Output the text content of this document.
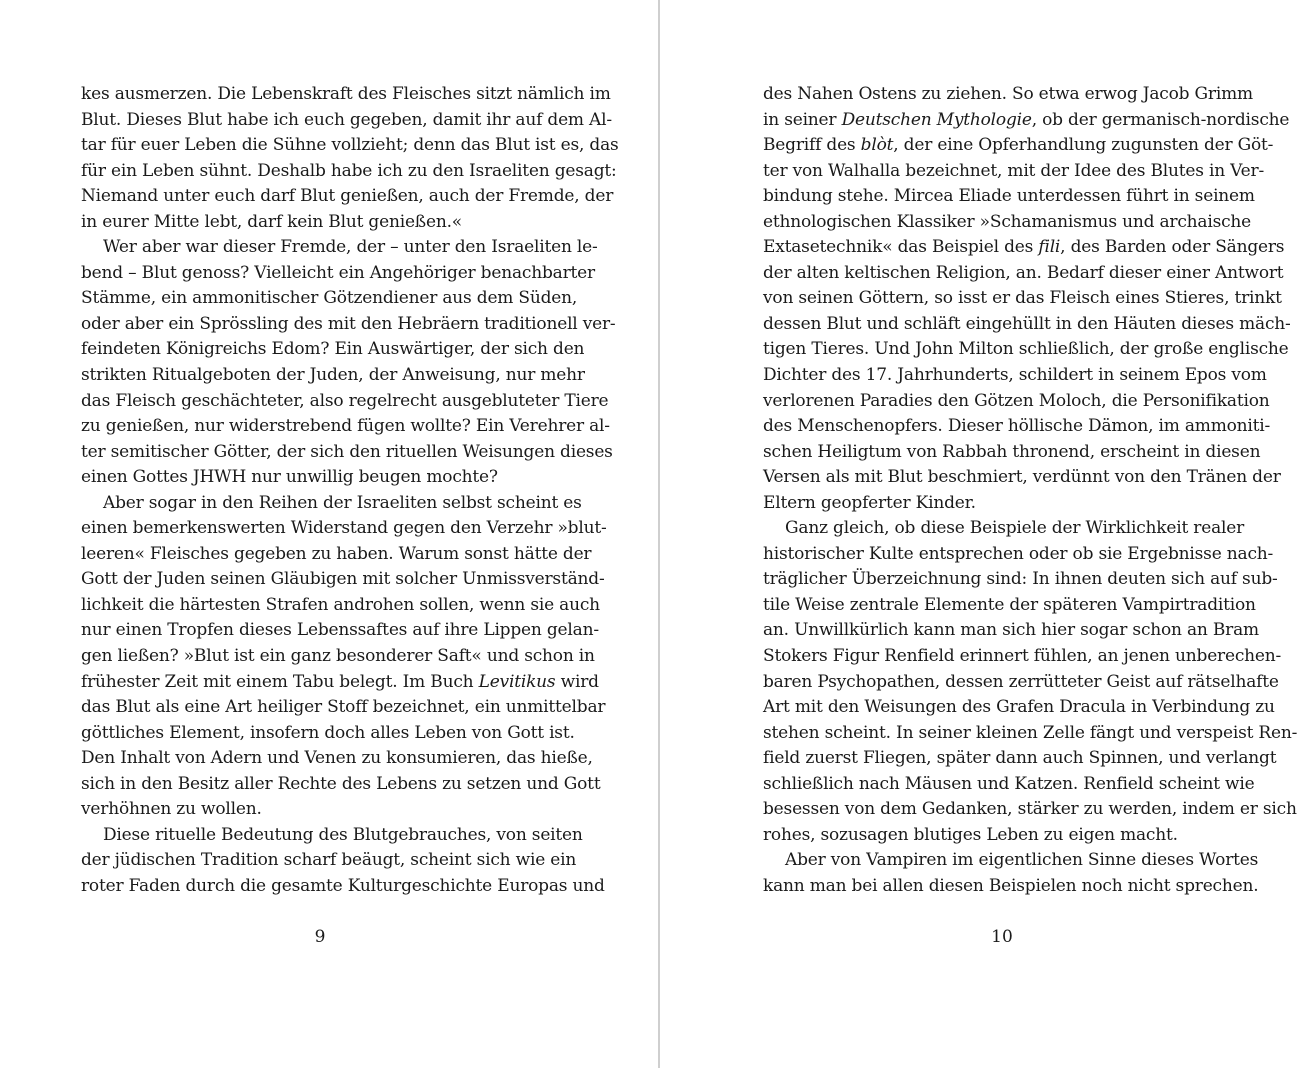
kes ausmerzen. Die Lebenskraft des Fleisches sitzt nämlich im
Blut. Dieses Blut habe ich euch gegeben, damit ihr auf dem Al-
tar für euer Leben die Sühne vollzieht; denn das Blut ist es, das
für ein Leben sühnt. Deshalb habe ich zu den Israeliten gesagt:
Niemand unter euch darf Blut genießen, auch der Fremde, der
in eurer Mitte lebt, darf kein Blut genießen.«
Wer aber war dieser Fremde, der – unter den Israeliten le-
bend – Blut genoss? Vielleicht ein Angehöriger benachbarter
Stämme, ein ammonitischer Götzendiener aus dem Süden,
oder aber ein Sprössling des mit den Hebräern traditionell ver-
feindeten Königreichs Edom? Ein Auswärtiger, der sich den
strikten Ritualgeboten der Juden, der Anweisung, nur mehr
das Fleisch geschächteter, also regelrecht ausgebluteter Tiere
zu genießen, nur widerstrebend fügen wollte? Ein Verehrer al-
ter semitischer Götter, der sich den rituellen Weisungen dieses
einen Gottes JHWH nur unwillig beugen mochte?
Aber sogar in den Reihen der Israeliten selbst scheint es
einen bemerkenswerten Widerstand gegen den Verzehr »blut-
leeren« Fleisches gegeben zu haben. Warum sonst hätte der
Gott der Juden seinen Gläubigen mit solcher Unmissverständ-
lichkeit die härtesten Strafen androhen sollen, wenn sie auch
nur einen Tropfen dieses Lebenssaftes auf ihre Lippen gelan-
gen ließen? »Blut ist ein ganz besonderer Saft« und schon in
frühester Zeit mit einem Tabu belegt. Im Buch Levitikus wird
das Blut als eine Art heiliger Stoff bezeichnet, ein unmittelbar
göttliches Element, insofern doch alles Leben von Gott ist.
Den Inhalt von Adern und Venen zu konsumieren, das hieße,
sich in den Besitz aller Rechte des Lebens zu setzen und Gott
verhöhnen zu wollen.
Diese rituelle Bedeutung des Blutgebrauches, von seiten
der jüdischen Tradition scharf beäugt, scheint sich wie ein
roter Faden durch die gesamte Kulturgeschichte Europas und
des Nahen Ostens zu ziehen. So etwa erwog Jacob Grimm
in seiner Deutschen Mythologie, ob der germanisch-nordische
Begriff des blòt, der eine Opferhandlung zugunsten der Göt-
ter von Walhalla bezeichnet, mit der Idee des Blutes in Ver-
bindung stehe. Mircea Eliade unterdessen führt in seinem
ethnologischen Klassiker »Schamanismus und archaische
Extasetechnik« das Beispiel des fili, des Barden oder Sängers
der alten keltischen Religion, an. Bedarf dieser einer Antwort
von seinen Göttern, so isst er das Fleisch eines Stieres, trinkt
dessen Blut und schläft eingehüllt in den Häuten dieses mäch-
tigen Tieres. Und John Milton schließlich, der große englische
Dichter des 17. Jahrhunderts, schildert in seinem Epos vom
verlorenen Paradies den Götzen Moloch, die Personifikation
des Menschenopfers. Dieser höllische Dämon, im ammoniti-
schen Heiligtum von Rabbah thronend, erscheint in diesen
Versen als mit Blut beschmiert, verdünnt von den Tränen der
Eltern geopferter Kinder.
Ganz gleich, ob diese Beispiele der Wirklichkeit realer
historischer Kulte entsprechen oder ob sie Ergebnisse nach-
träglicher Überzeichnung sind: In ihnen deuten sich auf sub-
tile Weise zentrale Elemente der späteren Vampirtradition
an. Unwillkürlich kann man sich hier sogar schon an Bram
Stokers Figur Renfield erinnert fühlen, an jenen unberechen-
baren Psychopathen, dessen zerrütteter Geist auf rätselhafte
Art mit den Weisungen des Grafen Dracula in Verbindung zu
stehen scheint. In seiner kleinen Zelle fängt und verspeist Ren-
field zuerst Fliegen, später dann auch Spinnen, und verlangt
schließlich nach Mäusen und Katzen. Renfield scheint wie
besessen von dem Gedanken, stärker zu werden, indem er sich
rohes, sozusagen blutiges Leben zu eigen macht.
Aber von Vampiren im eigentlichen Sinne dieses Wortes
kann man bei allen diesen Beispielen noch nicht sprechen.
9	10
